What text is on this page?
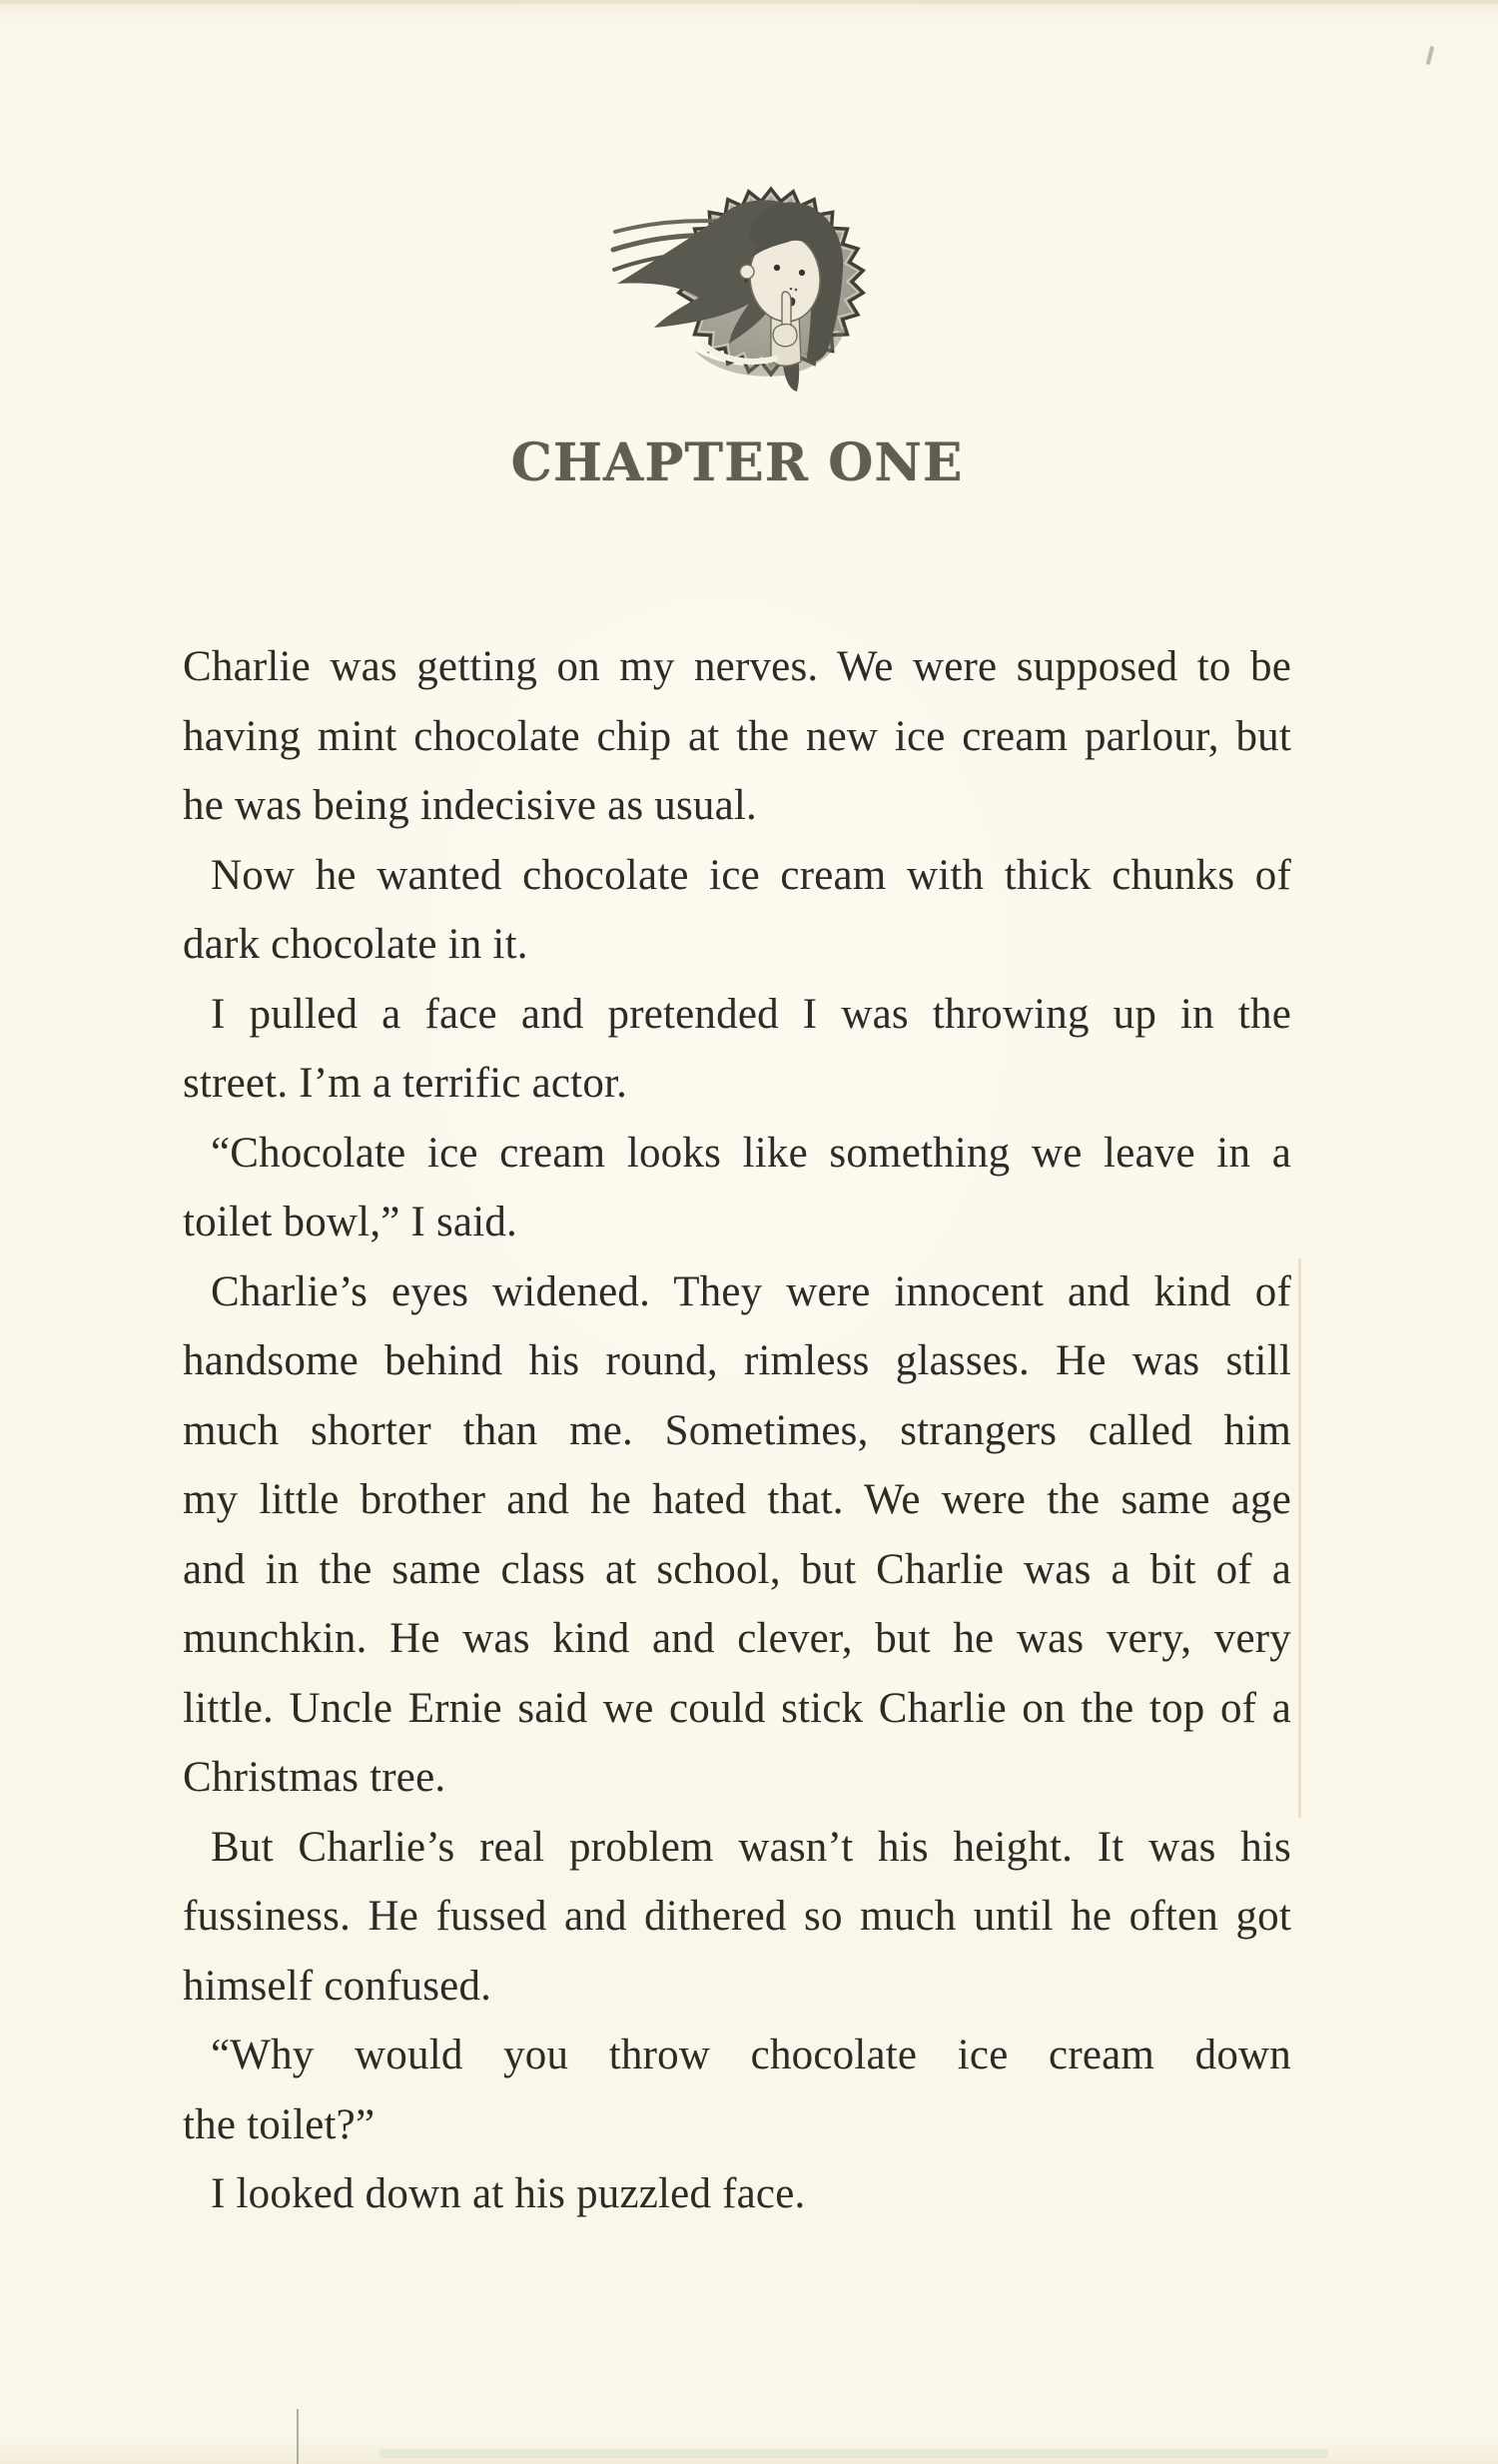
CHAPTER ONE
Charlie was getting on my nerves. We were supposed to be
having mint chocolate chip at the new ice cream parlour, but
he was being indecisive as usual.
Now he wanted chocolate ice cream with thick chunks of
dark chocolate in it.
I pulled a face and pretended I was throwing up in the
street. I’m a terrific actor.
“Chocolate ice cream looks like something we leave in a
toilet bowl,” I said.
Charlie’s eyes widened. They were innocent and kind of
handsome behind his round, rimless glasses. He was still
much shorter than me. Sometimes, strangers called him
my little brother and he hated that. We were the same age
and in the same class at school, but Charlie was a bit of a
munchkin. He was kind and clever, but he was very, very
little. Uncle Ernie said we could stick Charlie on the top of a
Christmas tree.
But Charlie’s real problem wasn’t his height. It was his
fussiness. He fussed and dithered so much until he often got
himself confused.
“Why would you throw chocolate ice cream down
the toilet?”
I looked down at his puzzled face.
